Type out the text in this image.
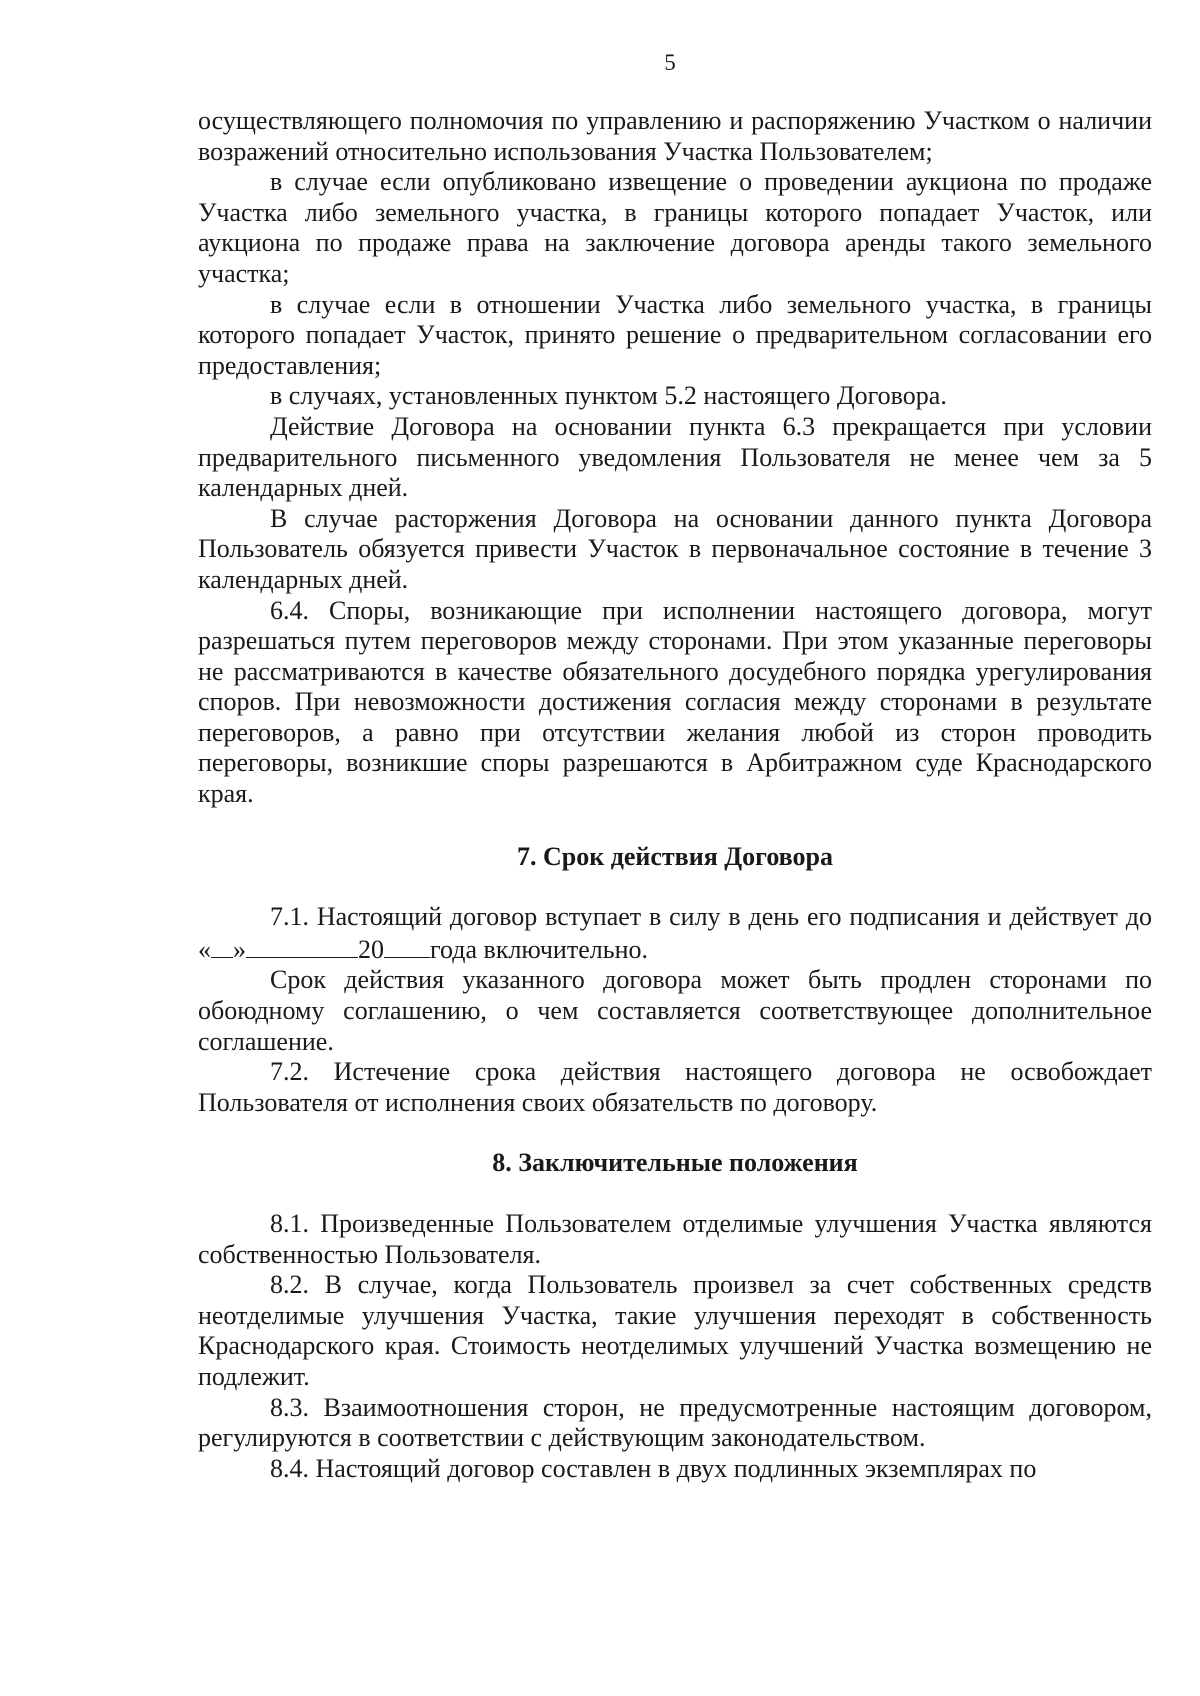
5

осуществляющего полномочия по управлению и распоряжению Участком о наличии возражений относительно использования Участка Пользователем;

в случае если опубликовано извещение о проведении аукциона по продаже Участка либо земельного участка, в границы которого попадает Участок, или аукциона по продаже права на заключение договора аренды такого земельного участка;

в случае если в отношении Участка либо земельного участка, в границы которого попадает Участок, принято решение о предварительном согласовании его предоставления;

в случаях, установленных пунктом 5.2 настоящего Договора.

Действие Договора на основании пункта 6.3 прекращается при условии предварительного письменного уведомления Пользователя не менее чем за 5 календарных дней.

В случае расторжения Договора на основании данного пункта Договора Пользователь обязуется привести Участок в первоначальное состояние в течение 3 календарных дней.

6.4. Споры, возникающие при исполнении настоящего договора, могут разрешаться путем переговоров между сторонами. При этом указанные переговоры не рассматриваются в качестве обязательного досудебного порядка урегулирования споров. При невозможности достижения согласия между сторонами в результате переговоров, а равно при отсутствии желания любой из сторон проводить переговоры, возникшие споры разрешаются в Арбитражном суде Краснодарского края.

7. Срок действия Договора

7.1. Настоящий договор вступает в силу в день его подписания и действует до « »	20 года включительно.

Срок действия указанного договора может быть продлен сторонами по обоюдному соглашению, о чем составляется соответствующее дополнительное соглашение.

7.2. Истечение срока действия настоящего договора не освобождает Пользователя от исполнения своих обязательств по договору.

8. Заключительные положения

8.1. Произведенные Пользователем отделимые улучшения Участка являются собственностью Пользователя.

8.2. В случае, когда Пользователь произвел за счет собственных средств неотделимые улучшения Участка, такие улучшения переходят в собственность Краснодарского края. Стоимость неотделимых улучшений Участка возмещению не подлежит.

8.3. Взаимоотношения сторон, не предусмотренные настоящим договором, регулируются в соответствии с действующим законодательством.

8.4. Настоящий договор составлен в двух подлинных экземплярах по
